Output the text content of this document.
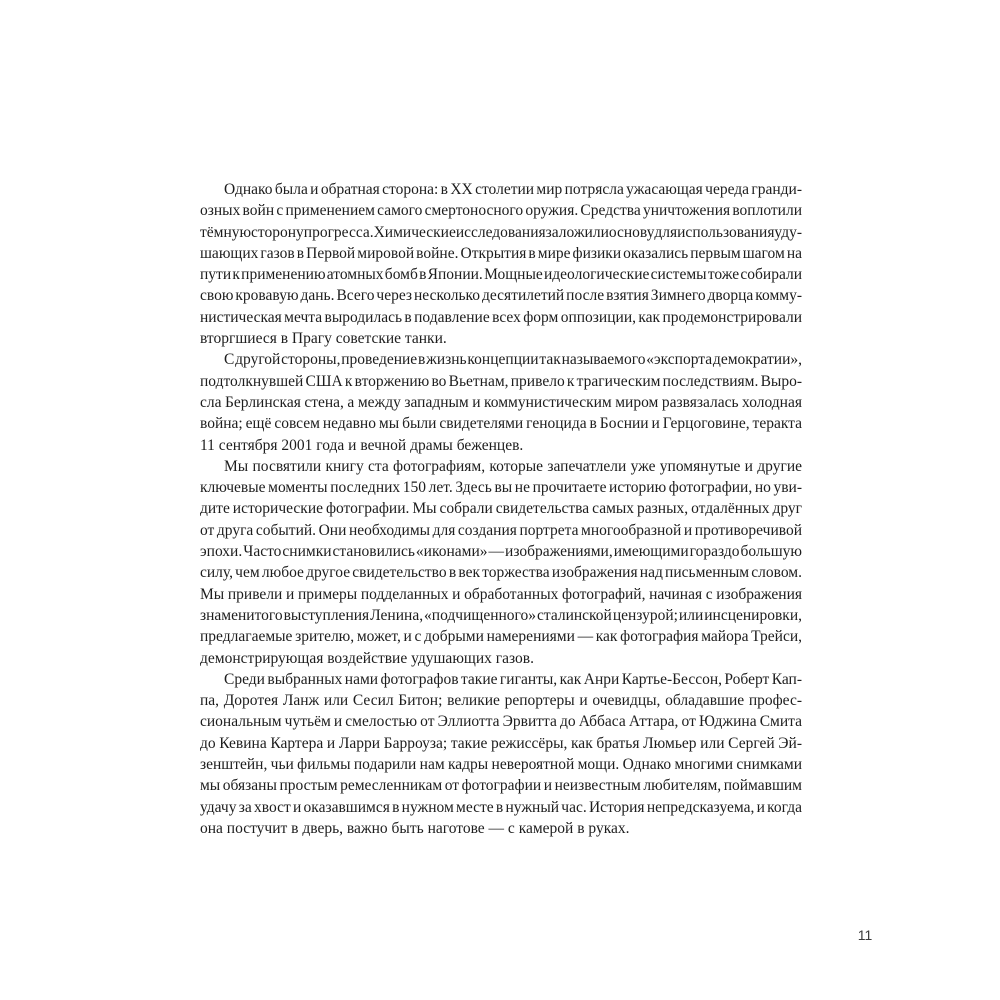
Однако была и обратная сторона: в ХХ столетии мир потрясла ужасающая череда гранди-
озных войн с применением самого смертоносного оружия. Средства уничтожения воплотили
тёмную сторону прогресса. Химические исследования заложили основу для использования уду-
шающих газов в Первой мировой войне. Открытия в мире физики оказались первым шагом на
пути к применению атомных бомб в Японии. Мощные идеологические системы тоже собирали
свою кровавую дань. Всего через несколько десятилетий после взятия Зимнего дворца комму-
нистическая мечта выродилась в подавление всех форм оппозиции, как продемонстрировали
вторгшиеся в Прагу советские танки.
С другой стороны, проведение в жизнь концепции так называемого «экспорта демократии»,
подтолкнувшей США к вторжению во Вьетнам, привело к трагическим последствиям. Выро-
сла Берлинская стена, а между западным и коммунистическим миром развязалась холодная
война; ещё совсем недавно мы были свидетелями геноцида в Боснии и Герцоговине, теракта
11 сентября 2001 года и вечной драмы беженцев.
Мы посвятили книгу ста фотографиям, которые запечатлели уже упомянутые и другие
ключевые моменты последних 150 лет. Здесь вы не прочитаете историю фотографии, но уви-
дите исторические фотографии. Мы собрали свидетельства самых разных, отдалённых друг
от друга событий. Они необходимы для создания портрета многообразной и противоречивой
эпохи. Часто снимки становились «иконами» — изображениями, имеющими гораздо большую
силу, чем любое другое свидетельство в век торжества изображения над письменным словом.
Мы привели и примеры подделанных и обработанных фотографий, начиная с изображения
знаменитого выступления Ленина, «подчищенного» сталинской цензурой; или инсценировки,
предлагаемые зрителю, может, и с добрыми намерениями — как фотография майора Трейси,
демонстрирующая воздействие удушающих газов.
Среди выбранных нами фотографов такие гиганты, как Анри Картье-Бессон, Роберт Кап-
па, Доротея Ланж или Сесил Битон; великие репортеры и очевидцы, обладавшие профес-
сиональным чутьём и смелостью от Эллиотта Эрвитта до Аббаса Аттара, от Юджина Смита
до Кевина Картера и Ларри Барроуза; такие режиссёры, как братья Люмьер или Сергей Эй-
зенштейн, чьи фильмы подарили нам кадры невероятной мощи. Однако многими снимками
мы обязаны простым ремесленникам от фотографии и неизвестным любителям, поймавшим
удачу за хвост и оказавшимся в нужном месте в нужный час. История непредсказуема, и когда
она постучит в дверь, важно быть наготове — с камерой в руках.
11
